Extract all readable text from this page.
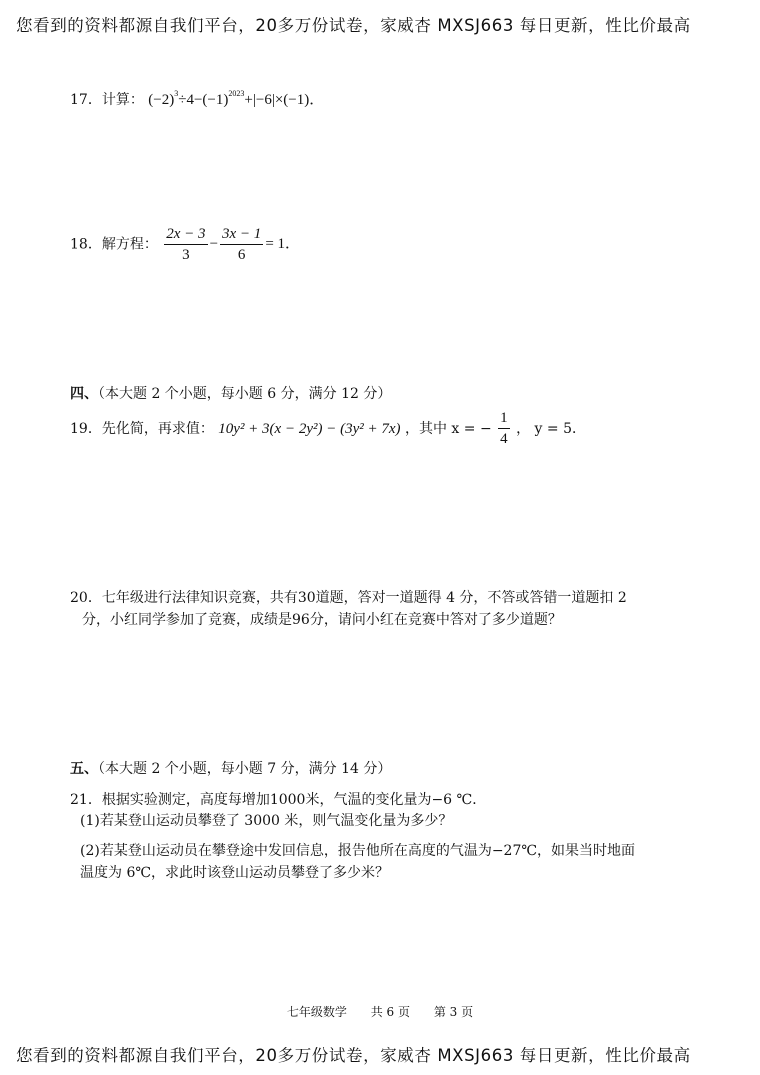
您看到的资料都源自我们平台，20多万份试卷，家威杏 MXSJ663 每日更新，性比价最高
17．计算： $(-2)^3\div 4-(-1)^{2023}+|-6|\times(-1)$．
18．解方程： $\frac{2x - 3}{3} - \frac{3x - 1}{6} = 1$．
四、（本大题 2 个小题，每小题 6 分，满分 12 分）
19．先化简，再求值： 10y² + 3(x − 2y²) − (3y² + 7x) ，其中 x = − $\frac{1}{4}$ ， y = 5．
20．七年级进行法律知识竞赛，共有30道题，答对一道题得 4 分，不答或答错一道题扣 2
分，小红同学参加了竞赛，成绩是96分，请问小红在竞赛中答对了多少道题？
五、（本大题 2 个小题，每小题 7 分，满分 14 分）
21．根据实验测定，高度每增加1000米，气温的变化量为−6 ℃．
(1)若某登山运动员攀登了 3000 米，则气温变化量为多少？
(2)若某登山运动员在攀登途中发回信息，报告他所在高度的气温为−27℃，如果当时地面
温度为 6℃，求此时该登山运动员攀登了多少米？
七年级数学 共 6 页 第 3 页
您看到的资料都源自我们平台，20多万份试卷，家威杏 MXSJ663 每日更新，性比价最高
